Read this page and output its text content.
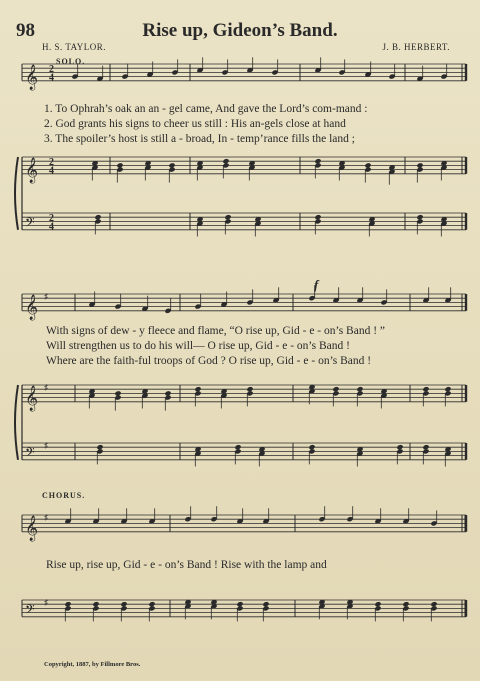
98	Rise up, Gideon’s Band.
H. S. TAYLOR.	J. B. HERBERT.
𝄞 2
4
𝄞 2
4
𝄢 2
4
𝄞 ♯
𝄞 ♯
𝄢 ♯
𝄞 ♯
𝄢 ♯
SOLO.
CHORUS.
1. To Ophrah’s oak an an - gel came, And gave the Lord’s com-mand :
2. God grants his signs to cheer us still : His an-gels close at hand
3. The spoiler’s host is still a - broad, In - temp’rance fills the land ;
f
With signs of dew - y fleece and flame, “O rise up, Gid - e - on’s Band ! ”
Will strengthen us to do his will— O rise up, Gid - e - on’s Band !
Where are the faith-ful troops of God ? O rise up, Gid - e - on’s Band !
Rise up, rise up, Gid - e - on’s Band ! Rise with the lamp and
Copyright, 1887, by Fillmore Bros.
